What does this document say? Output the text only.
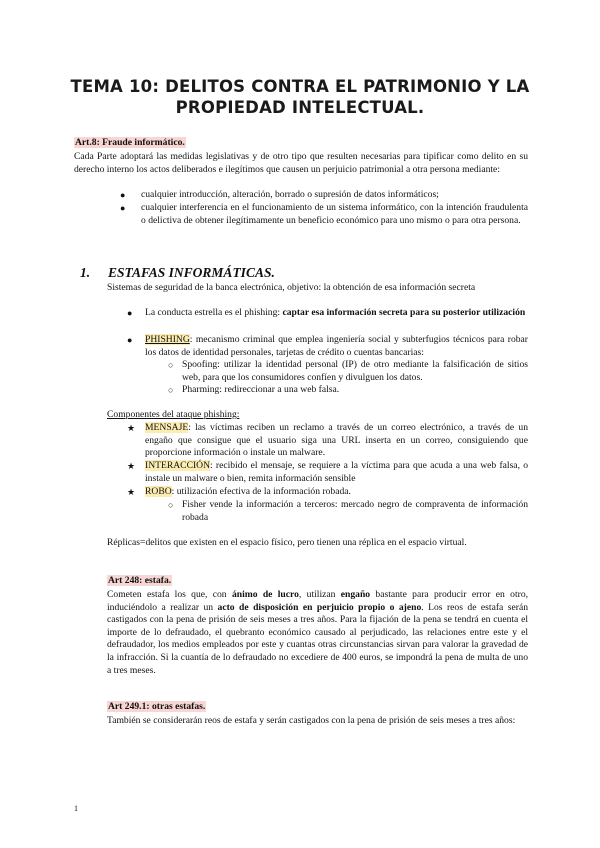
TEMA 10: DELITOS CONTRA EL PATRIMONIO Y LA PROPIEDAD INTELECTUAL.
Art.8: Fraude informático.
Cada Parte adoptará las medidas legislativas y de otro tipo que resulten necesarias para tipificar como delito en su derecho interno los actos deliberados e ilegítimos que causen un perjuicio patrimonial a otra persona mediante:
● cualquier introducción, alteración, borrado o supresión de datos informáticos;
● cualquier interferencia en el funcionamiento de un sistema informático, con la intención fraudulenta o delictiva de obtener ilegítimamente un beneficio económico para uno mismo o para otra persona.
1. ESTAFAS INFORMÁTICAS.
Sistemas de seguridad de la banca electrónica, objetivo: la obtención de esa información secreta
● La conducta estrella es el phishing: captar esa información secreta para su posterior utilización
● PHISHING: mecanismo criminal que emplea ingeniería social y subterfugios técnicos para robar los datos de identidad personales, tarjetas de crédito o cuentas bancarias:
○ Spoofing: utilizar la identidad personal (IP) de otro mediante la falsificación de sitios web, para que los consumidores confíen y divulguen los datos.
○ Pharming: redireccionar a una web falsa.
Componentes del ataque phishing:
★ MENSAJE: las víctimas reciben un reclamo a través de un correo electrónico, a través de un engaño que consigue que el usuario siga una URL inserta en un correo, consiguiendo que proporcione información o instale un malware.
★ INTERACCIÓN: recibido el mensaje, se requiere a la víctima para que acuda a una web falsa, o instale un malware o bien, remita información sensible
★ ROBO: utilización efectiva de la información robada.
○ Fisher vende la información a terceros: mercado negro de compraventa de información robada
Réplicas=delitos que existen en el espacio físico, pero tienen una réplica en el espacio virtual.
Art 248: estafa.
Cometen estafa los que, con ánimo de lucro, utilizan engaño bastante para producir error en otro, induciéndolo a realizar un acto de disposición en perjuicio propio o ajeno. Los reos de estafa serán castigados con la pena de prisión de seis meses a tres años. Para la fijación de la pena se tendrá en cuenta el importe de lo defraudado, el quebranto económico causado al perjudicado, las relaciones entre este y el defraudador, los medios empleados por este y cuantas otras circunstancias sirvan para valorar la gravedad de la infracción. Si la cuantía de lo defraudado no excediere de 400 euros, se impondrá la pena de multa de uno a tres meses.
Art 249.1: otras estafas.
También se considerarán reos de estafa y serán castigados con la pena de prisión de seis meses a tres años:
1
